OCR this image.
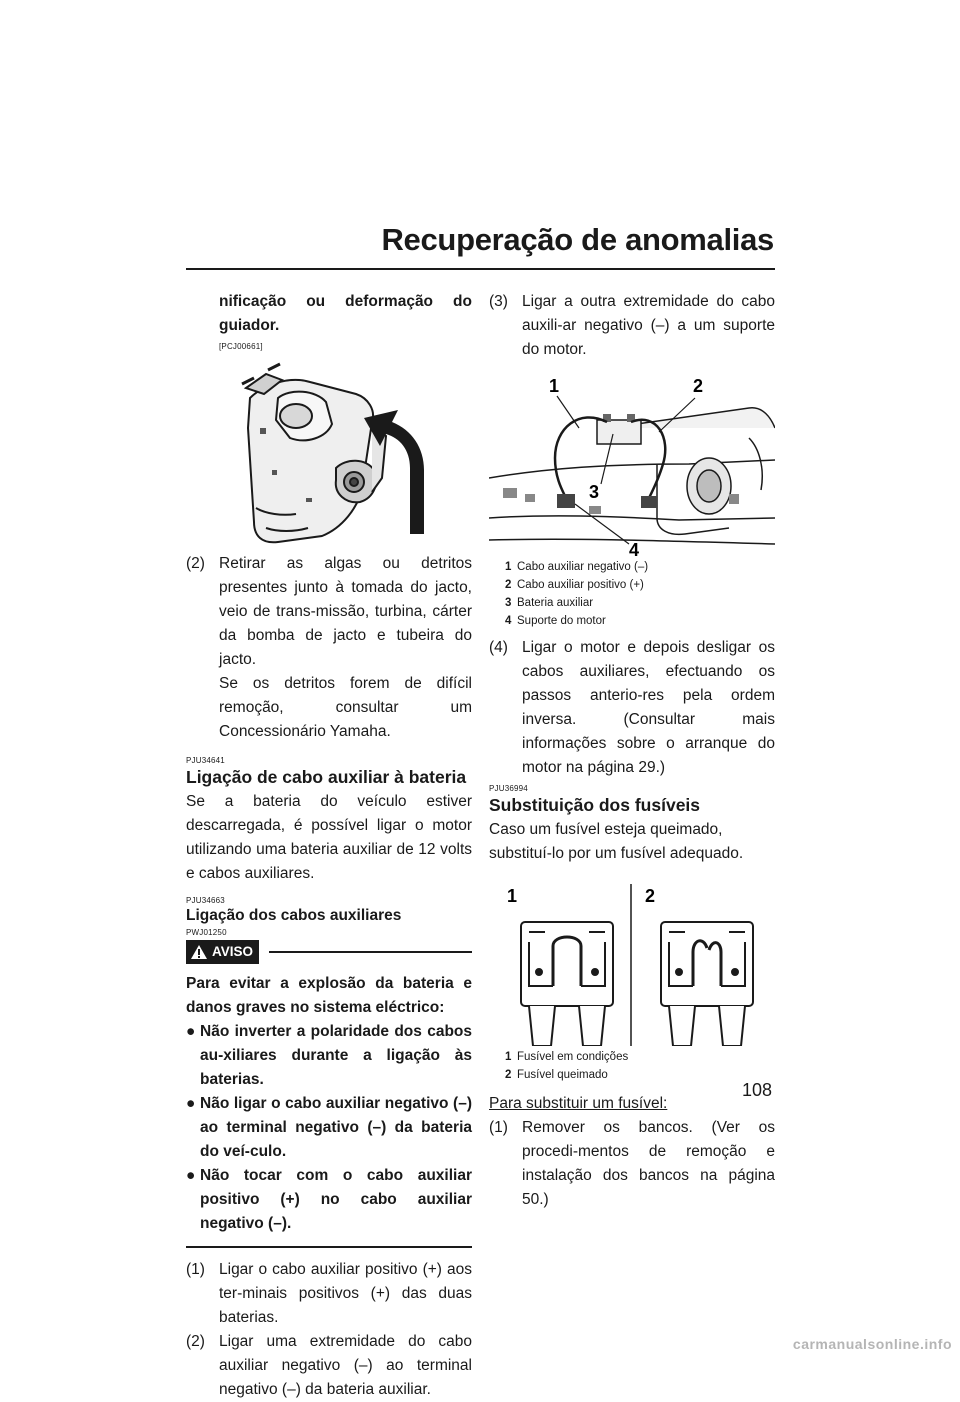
Recuperação de anomalias

nificação ou deformação do guiador.

[PCJ00661]

(2) Retirar as algas ou detritos presentes junto à tomada do jacto, veio de trans-missão, turbina, cárter da bomba de jacto e tubeira do jacto.

Se os detritos forem de difícil remoção, consultar um Concessionário Yamaha.

PJU34641

Ligação de cabo auxiliar à bateria

Se a bateria do veículo estiver descarregada, é possível ligar o motor utilizando uma bateria auxiliar de 12 volts e cabos auxiliares.

PJU34663

Ligação dos cabos auxiliares

PWJ01250

AVISO

Para evitar a explosão da bateria e danos graves no sistema eléctrico:

● Não inverter a polaridade dos cabos au-xiliares durante a ligação às baterias.
● Não ligar o cabo auxiliar negativo (–) ao terminal negativo (–) da bateria do veí-culo.
● Não tocar com o cabo auxiliar positivo (+) no cabo auxiliar negativo (–).
(1) Ligar o cabo auxiliar positivo (+) aos ter-minais positivos (+) das duas baterias.

(2) Ligar uma extremidade do cabo auxiliar negativo (–) ao terminal negativo (–) da bateria auxiliar.

(3) Ligar a outra extremidade do cabo auxili-ar negativo (–) a um suporte do motor.

1	2
3
4
1 Cabo auxiliar negativo (–)
2 Cabo auxiliar positivo (+)
3 Bateria auxiliar
4 Suporte do motor
(4) Ligar o motor e depois desligar os cabos auxiliares, efectuando os passos anterio-res pela ordem inversa. (Consultar mais informações sobre o arranque do motor na página 29.)

PJU36994

Substituição dos fusíveis

Caso um fusível esteja queimado, substituí-lo por um fusível adequado.

1	2
1 Fusível em condições
2 Fusível queimado

Para substituir um fusível:

(1) Remover os bancos. (Ver os procedi-mentos de remoção e instalação dos bancos na página 50.)

108
carmanualsonline.info
